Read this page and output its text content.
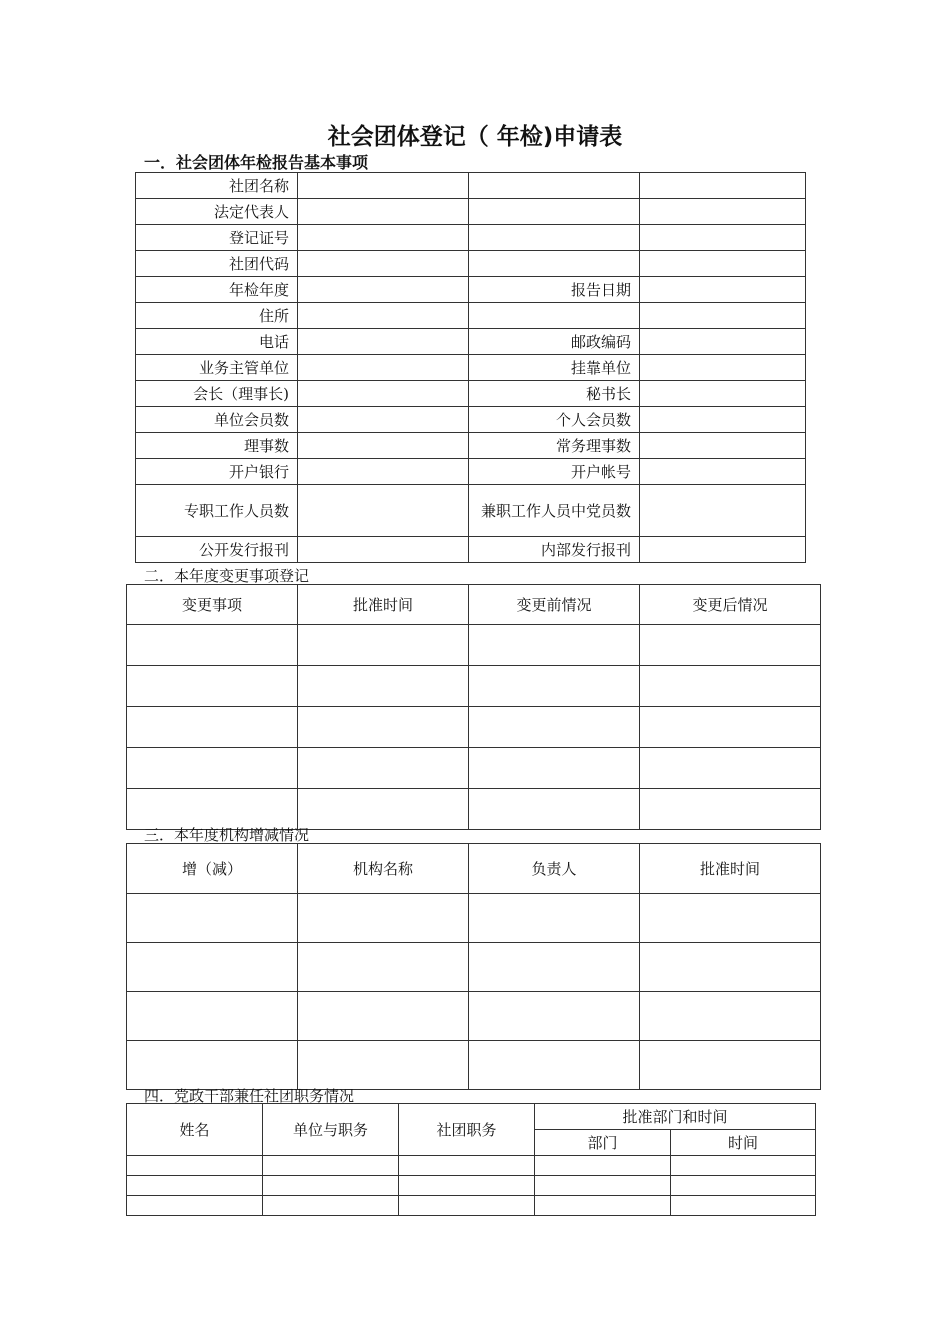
社会团体登记（ 年检)申请表
一．社会团体年检报告基本事项
社团名称			
法定代表人			
登记证号			
社团代码			
年检年度		报告日期	
住所			
电话		邮政编码	
业务主管单位		挂靠单位	
会长（理事长)		秘书长	
单位会员数		个人会员数	
理事数		常务理事数	
开户银行		开户帐号	
专职工作人员数		兼职工作人员中党员数	
公开发行报刊		内部发行报刊	
二．本年度变更事项登记
变更事项	批准时间	变更前情况	变更后情况

三．本年度机构增减情况
增（减）	机构名称	负责人	批准时间

四．党政干部兼任社团职务情况
姓名	单位与职务	社团职务	批准部门和时间	
			部门	时间
